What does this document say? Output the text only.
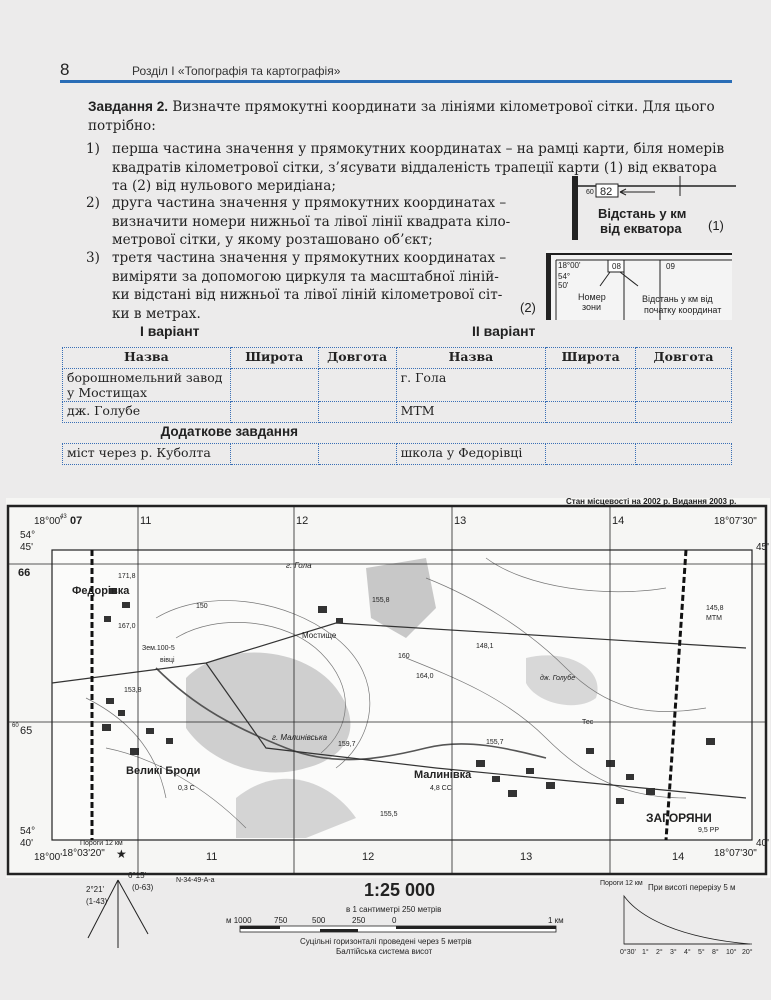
8	Розділ І «Топографія та картографія»
Завдання 2. Визначте прямокутні координати за лініями кілометрової сітки. Для цього
потрібно:
1) перша частина значення у прямокутних координатах – на рамці карти, біля номерів
квадратів кілометрової сітки, з’ясувати віддаленість трапеції карти (1) від екватора
та (2) від нульового меридіана;
2) друга частина значення у прямокутних координатах –
визначити номери нижньої та лівої лінії квадрата кіло-
метрової сітки, у якому розташовано об’єкт;
3) третя частина значення у прямокутних координатах –
виміряти за допомогою циркуля та масштабної ліній-
ки відстані від нижньої та лівої ліній кілометрової сіт-
ки в метрах.
60 82
Відстань у км
від екватора (1)
18°00'
54°
50'
08	09
Номер
зони
Відстань у км від
початку координат
(2)
І варіант	ІІ варіант
Назва	Широта	Довгота	Назва	Широта	Довгота
борошномельний завод
у Мостищах			г. Гола		
дж. Голубе			МТМ		
Додаткове завдання					
міст через р. Куболта			школа у Федорівці		
Стан місцевості на 2002 р. Видання 2003 р.
18°00'
43 07	11	12	13	14	18°07'30"
54°
45'	45'
66
60 65
54°
40'	40'
18°00' 18°03'20"	11	12	13	14	18°07'30"
★
Федорівка
Мостище
Великі Броди	Малинівка
ЗАГОРЯНИ
г. Гола
г. Малинівська
дж. Голубе
171,8
167,0
Зем.100-5
вівці
153,8
150
155,8
160
155,7
МТМ
145,8
148,1
Тес
155,5
164,0
159,7
9,5 РР
4,8 СС
0,3 С
N-34-49-A-a
2°21'
(1-43)
6°15'
(0-63)	1:25 000
в 1 сантиметрі 250 метрів
м 1000	750	500	250	0	1 км
Суцільні горизонталі проведені через 5 метрів
Балтійська система висот
При висоті перерізу 5 м
0°30' 1° 2° 3° 4° 5° 8° 10° 20°
Пороги 12 км
Пороги 12 км
